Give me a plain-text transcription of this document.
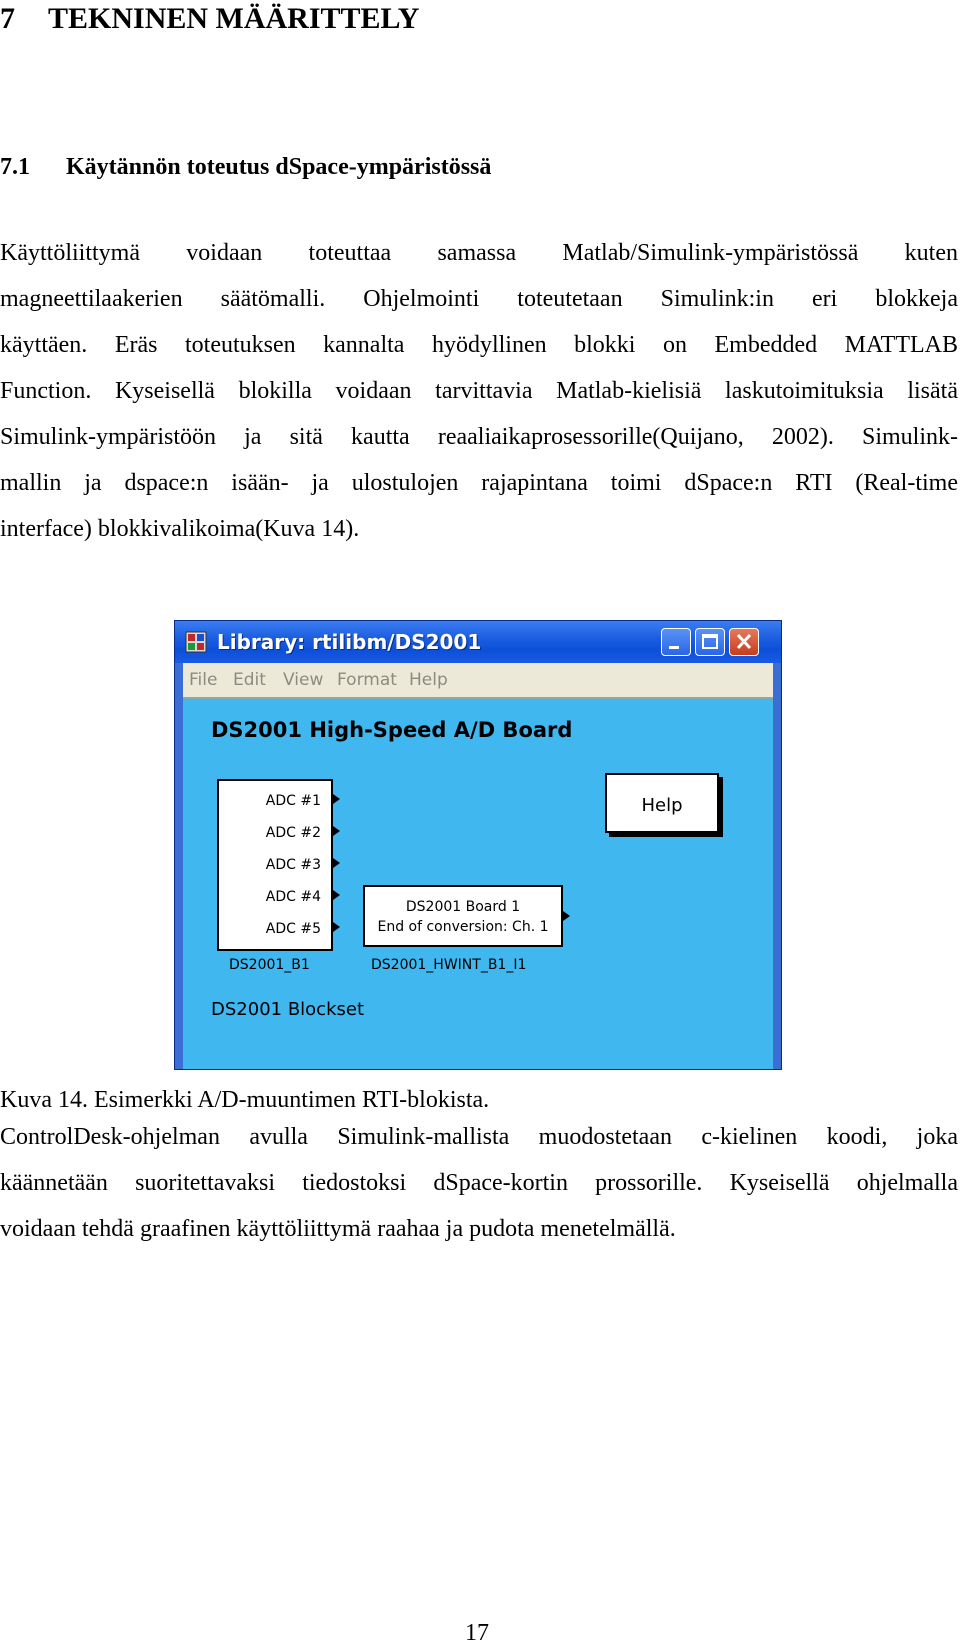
7 TEKNINEN MÄÄRITTELY
7.1 Käytännön toteutus dSpace-ympäristössä
Käyttöliittymä voidaan toteuttaa samassa Matlab/Simulink-ympäristössä kuten
magneettilaakerien säätömalli. Ohjelmointi toteutetaan Simulink:in eri blokkeja
käyttäen. Eräs toteutuksen kannalta hyödyllinen blokki on Embedded MATTLAB
Function. Kyseisellä blokilla voidaan tarvittavia Matlab-kielisiä laskutoimituksia lisätä
Simulink-ympäristöön ja sitä kautta reaaliaikaprosessorille(Quijano, 2002). Simulink-
mallin ja dspace:n isään- ja ulostulojen rajapintana toimi dSpace:n RTI (Real-time
interface) blokkivalikoima(Kuva 14).
Library: rtilibm/DS2001
File Edit View Format Help
DS2001 High-Speed A/D Board
ADC #1
ADC #2
ADC #3
ADC #4
ADC #5
DS2001_B1
DS2001 Board 1
End of conversion: Ch. 1
DS2001_HWINT_B1_I1
Help
DS2001 Blockset

Kuva 14. Esimerkki A/D-muuntimen RTI-blokista.

ControlDesk-ohjelman avulla Simulink-mallista muodostetaan c-kielinen koodi, joka
käännetään suoritettavaksi tiedostoksi dSpace-kortin prossorille. Kyseisellä ohjelmalla
voidaan tehdä graafinen käyttöliittymä raahaa ja pudota menetelmällä.
17
